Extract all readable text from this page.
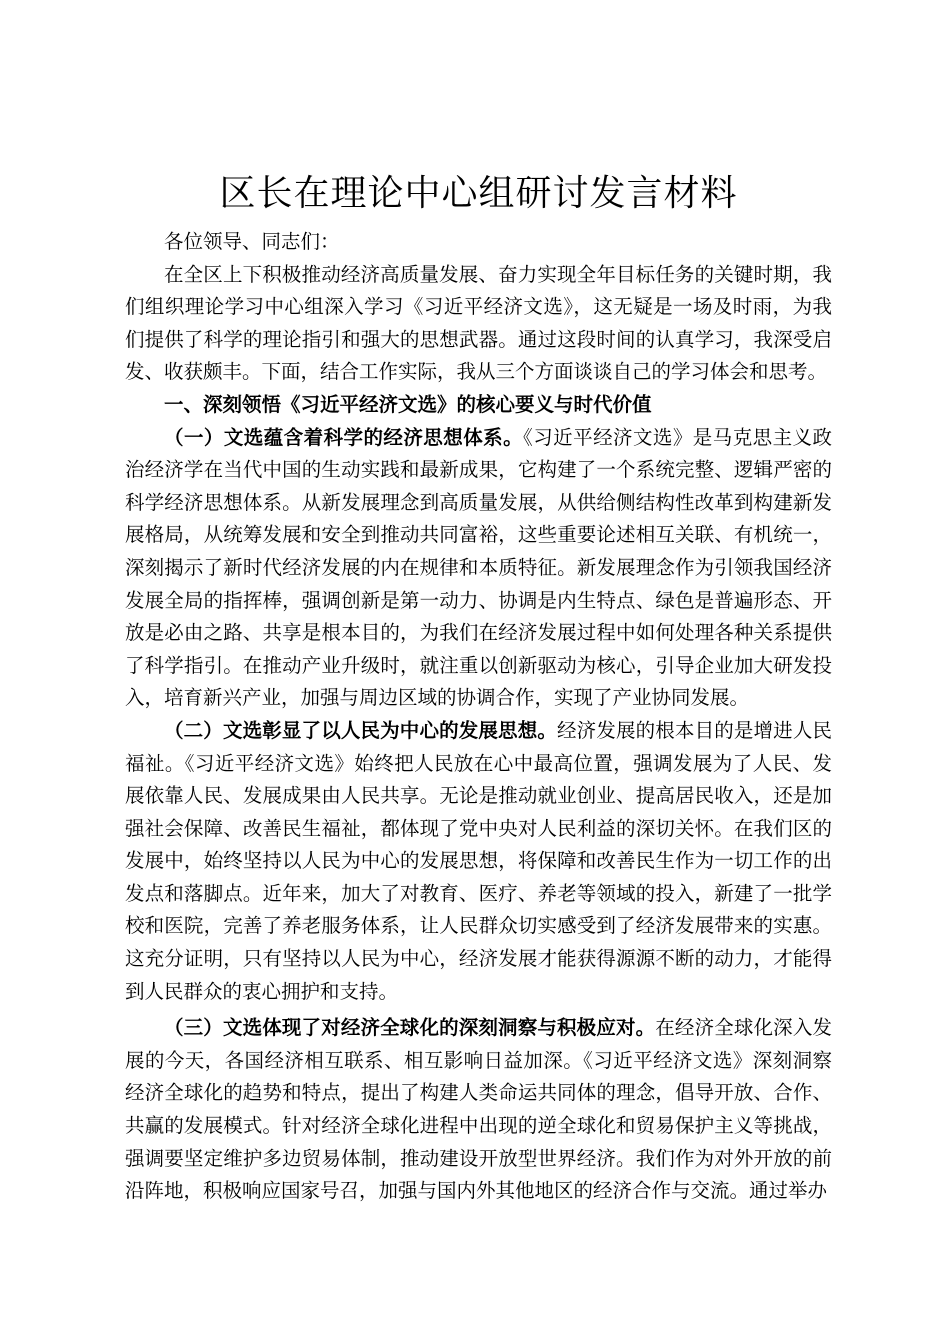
区长在理论中心组研讨发言材料

各位领导、同志们：

在全区上下积极推动经济高质量发展、奋力实现全年目标任务的关键时期，我们组织理论学习中心组深入学习《习近平经济文选》，这无疑是一场及时雨，为我们提供了科学的理论指引和强大的思想武器。通过这段时间的认真学习，我深受启发、收获颇丰。下面，结合工作实际，我从三个方面谈谈自己的学习体会和思考。

一、深刻领悟《习近平经济文选》的核心要义与时代价值

（一）文选蕴含着科学的经济思想体系。《习近平经济文选》是马克思主义政治经济学在当代中国的生动实践和最新成果，它构建了一个系统完整、逻辑严密的科学经济思想体系。从新发展理念到高质量发展，从供给侧结构性改革到构建新发展格局，从统筹发展和安全到推动共同富裕，这些重要论述相互关联、有机统一，深刻揭示了新时代经济发展的内在规律和本质特征。新发展理念作为引领我国经济发展全局的指挥棒，强调创新是第一动力、协调是内生特点、绿色是普遍形态、开放是必由之路、共享是根本目的，为我们在经济发展过程中如何处理各种关系提供了科学指引。在推动产业升级时，就注重以创新驱动为核心，引导企业加大研发投入，培育新兴产业，加强与周边区域的协调合作，实现了产业协同发展。

（二）文选彰显了以人民为中心的发展思想。经济发展的根本目的是增进人民福祉。《习近平经济文选》始终把人民放在心中最高位置，强调发展为了人民、发展依靠人民、发展成果由人民共享。无论是推动就业创业、提高居民收入，还是加强社会保障、改善民生福祉，都体现了党中央对人民利益的深切关怀。在我们区的发展中，始终坚持以人民为中心的发展思想，将保障和改善民生作为一切工作的出发点和落脚点。近年来，加大了对教育、医疗、养老等领域的投入，新建了一批学校和医院，完善了养老服务体系，让人民群众切实感受到了经济发展带来的实惠。这充分证明，只有坚持以人民为中心，经济发展才能获得源源不断的动力，才能得到人民群众的衷心拥护和支持。

（三）文选体现了对经济全球化的深刻洞察与积极应对。在经济全球化深入发展的今天，各国经济相互联系、相互影响日益加深。《习近平经济文选》深刻洞察经济全球化的趋势和特点，提出了构建人类命运共同体的理念，倡导开放、合作、共赢的发展模式。针对经济全球化进程中出现的逆全球化和贸易保护主义等挑战，强调要坚定维护多边贸易体制，推动建设开放型世界经济。我们作为对外开放的前沿阵地，积极响应国家号召，加强与国内外其他地区的经济合作与交流。通过举办
